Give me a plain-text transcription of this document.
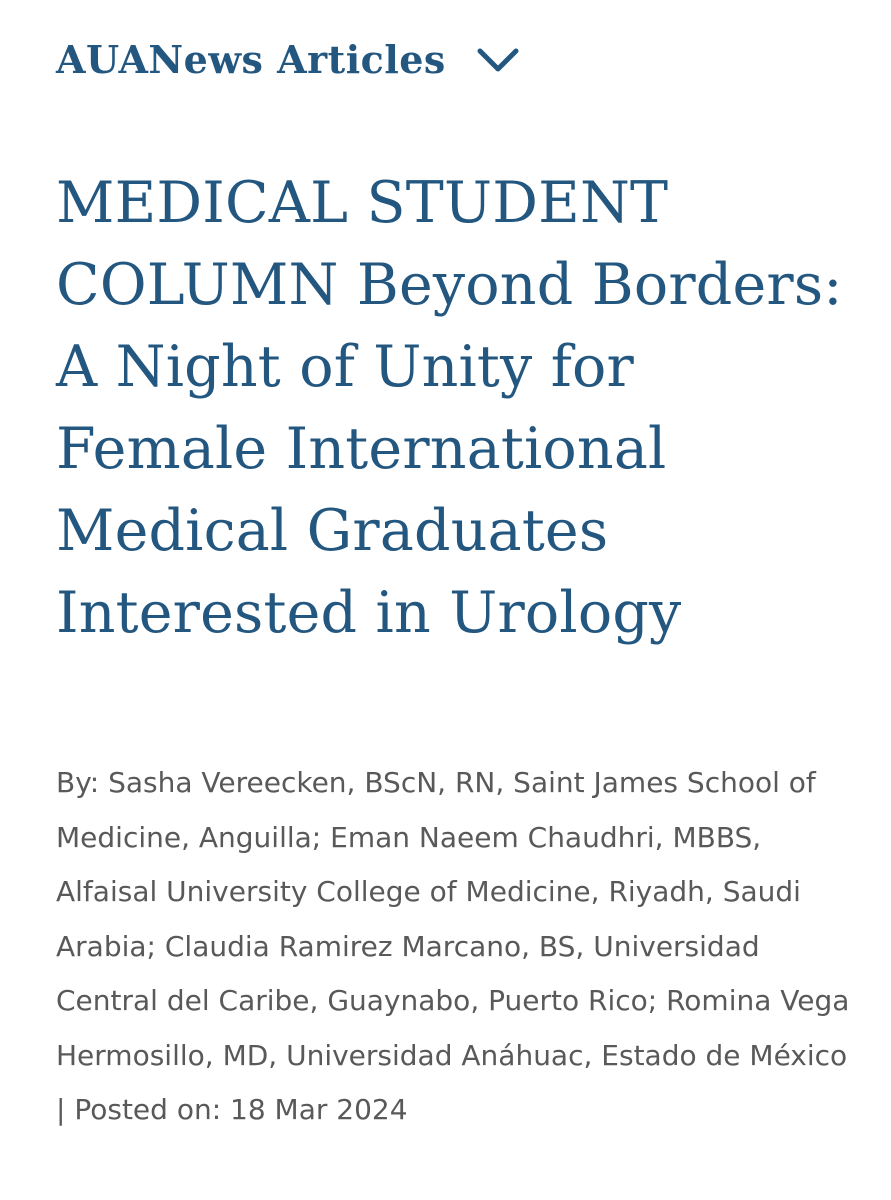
AUANews Articles
MEDICAL STUDENT COLUMN Beyond Borders: A Night of Unity for Female International Medical Graduates Interested in Urology

By: Sasha Vereecken, BScN, RN, Saint James School of Medicine, Anguilla; Eman Naeem Chaudhri, MBBS, Alfaisal University College of Medicine, Riyadh, Saudi Arabia; Claudia Ramirez Marcano, BS, Universidad Central del Caribe, Guaynabo, Puerto Rico; Romina Vega Hermosillo, MD, Universidad Anáhuac, Estado de México | Posted on: 18 Mar 2024
